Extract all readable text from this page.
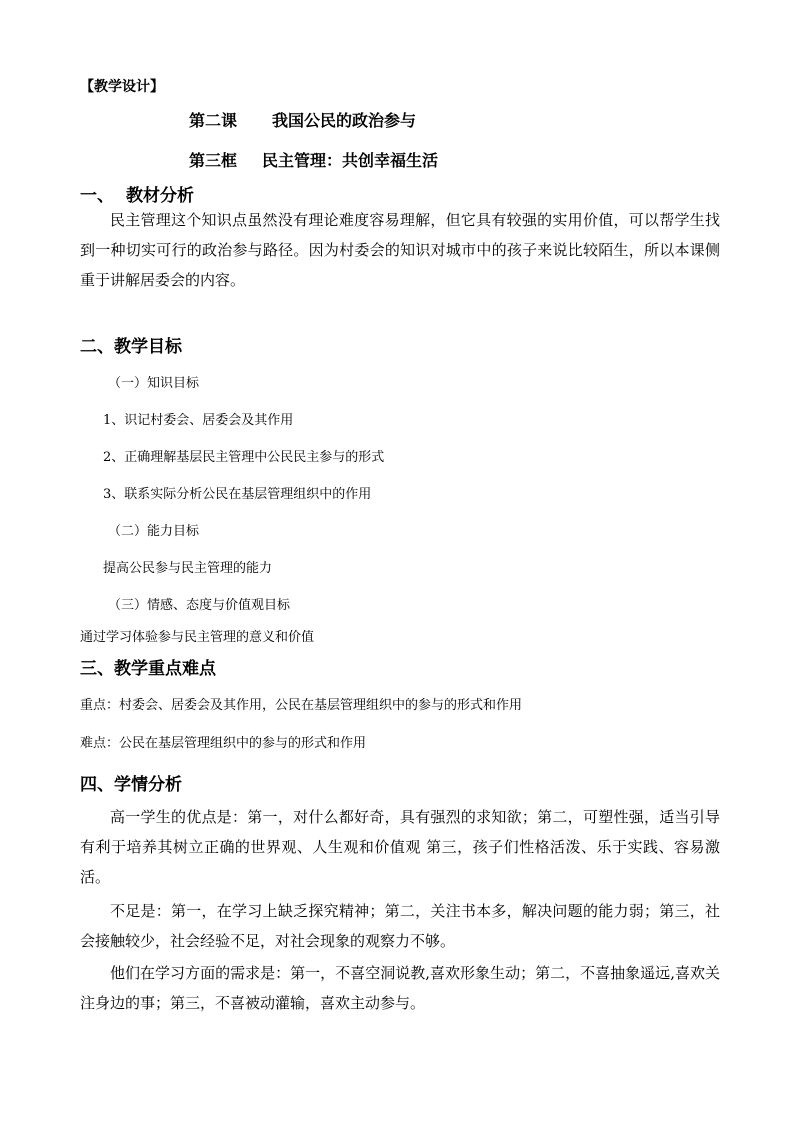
【教学设计】
第二课 我国公民的政治参与
第三框 民主管理：共创幸福生活
一、 教材分析
民主管理这个知识点虽然没有理论难度容易理解，但它具有较强的实用价值，可以帮学生找到一种切实可行的政治参与路径。因为村委会的知识对城市中的孩子来说比较陌生，所以本课侧重于讲解居委会的内容。
二、教学目标
（一）知识目标
1、识记村委会、居委会及其作用
2、正确理解基层民主管理中公民民主参与的形式
3、联系实际分析公民在基层管理组织中的作用
（二）能力目标
提高公民参与民主管理的能力
（三）情感、态度与价值观目标
通过学习体验参与民主管理的意义和价值
三、教学重点难点
重点：村委会、居委会及其作用，公民在基层管理组织中的参与的形式和作用
难点：公民在基层管理组织中的参与的形式和作用
四、学情分析
高一学生的优点是：第一，对什么都好奇，具有强烈的求知欲；第二，可塑性强，适当引导有利于培养其树立正确的世界观、人生观和价值观 第三，孩子们性格活泼、乐于实践、容易激活。
不足是：第一，在学习上缺乏探究精神；第二，关注书本多，解决问题的能力弱；第三，社会接触较少，社会经验不足，对社会现象的观察力不够。
他们在学习方面的需求是：第一，不喜空洞说教,喜欢形象生动；第二，不喜抽象遥远,喜欢关注身边的事；第三，不喜被动灌输，喜欢主动参与。
